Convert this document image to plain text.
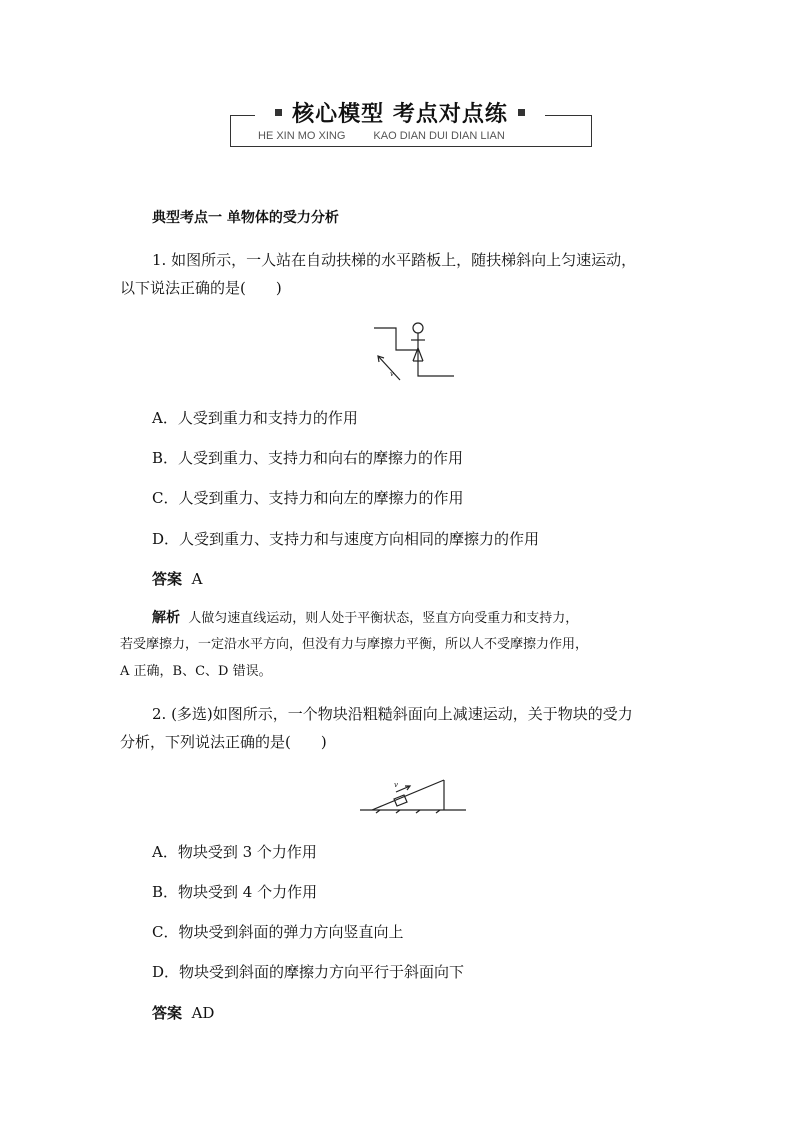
核心模型 考点对点练
HE XIN MO XING	KAO DIAN DUI DIAN LIAN
典型考点一 单物体的受力分析
1. 如图所示，一人站在自动扶梯的水平踏板上，随扶梯斜向上匀速运动，
以下说法正确的是(　　)
v
A．人受到重力和支持力的作用
B．人受到重力、支持力和向右的摩擦力的作用
C．人受到重力、支持力和向左的摩擦力的作用
D．人受到重力、支持力和与速度方向相同的摩擦力的作用
答案 A
解析 人做匀速直线运动，则人处于平衡状态，竖直方向受重力和支持力，
若受摩擦力，一定沿水平方向，但没有力与摩擦力平衡，所以人不受摩擦力作用，
A 正确，B、C、D 错误。
2. (多选)如图所示，一个物块沿粗糙斜面向上减速运动，关于物块的受力
分析，下列说法正确的是(　　)
v
A．物块受到 3 个力作用
B．物块受到 4 个力作用
C．物块受到斜面的弹力方向竖直向上
D．物块受到斜面的摩擦力方向平行于斜面向下
答案 AD
